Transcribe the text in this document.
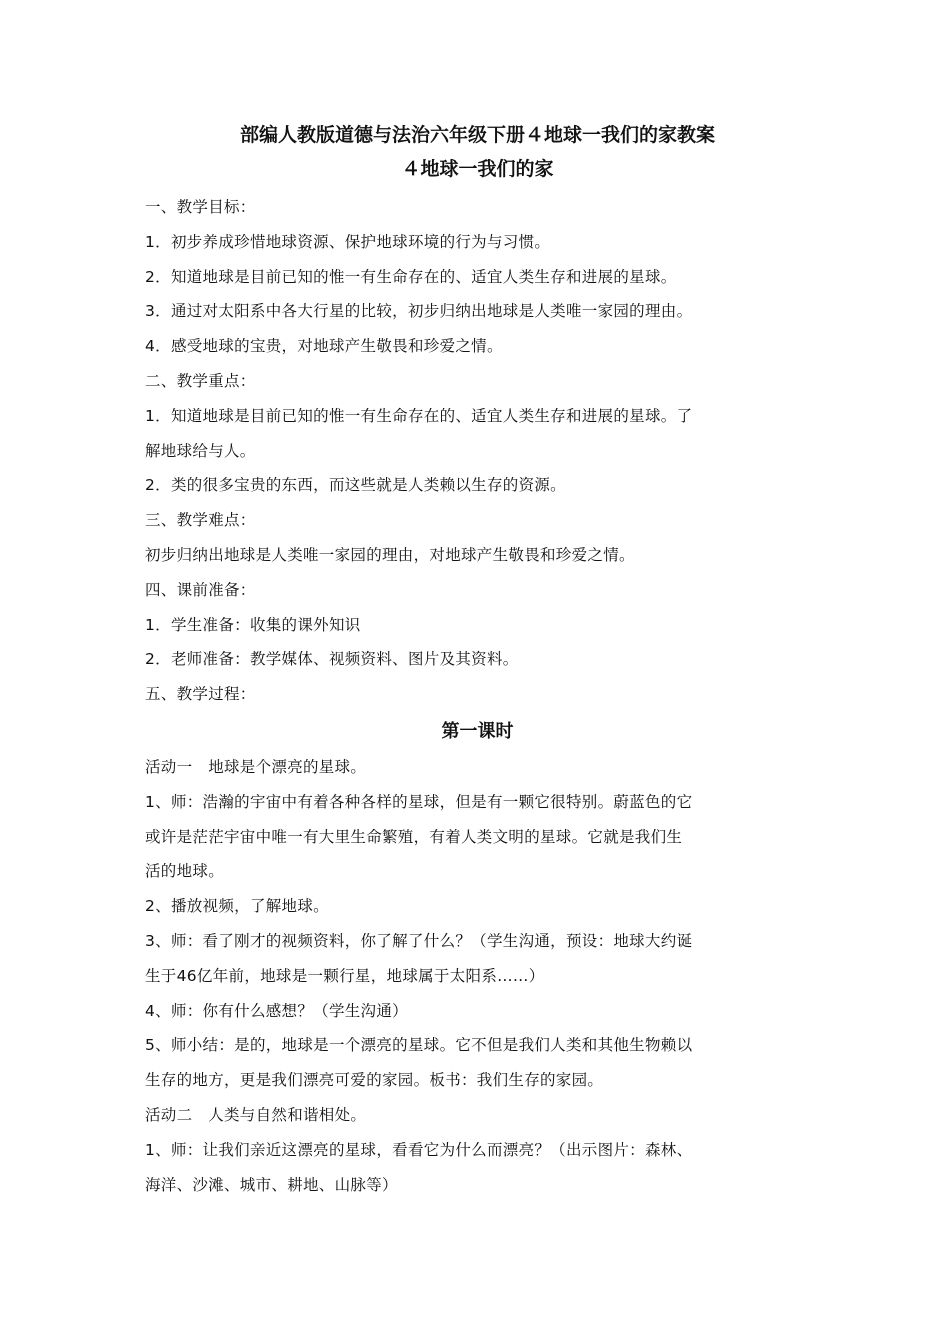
部编人教版道德与法治六年级下册４地球一我们的家教案
４地球一我们的家

一、教学目标：

1．初步养成珍惜地球资源、保护地球环境的行为与习惯。

2．知道地球是目前已知的惟一有生命存在的、适宜人类生存和进展的星球。

3．通过对太阳系中各大行星的比较，初步归纳出地球是人类唯一家园的理由。

4．感受地球的宝贵，对地球产生敬畏和珍爱之情。

二、教学重点：

1．知道地球是目前已知的惟一有生命存在的、适宜人类生存和进展的星球。了

解地球给与人。

2．类的很多宝贵的东西，而这些就是人类赖以生存的资源。

三、教学难点：

初步归纳出地球是人类唯一家园的理由，对地球产生敬畏和珍爱之情。

四、课前准备：

1．学生准备：收集的课外知识

2．老师准备：教学媒体、视频资料、图片及其资料。

五、教学过程：

第一课时

活动一　地球是个漂亮的星球。

1、师：浩瀚的宇宙中有着各种各样的星球，但是有一颗它很特别。蔚蓝色的它

或许是茫茫宇宙中唯一有大里生命繁殖，有着人类文明的星球。它就是我们生

活的地球。

2、播放视频，了解地球。

3、师：看了刚才的视频资料，你了解了什么？（学生沟通，预设：地球大约诞

生于46亿年前，地球是一颗行星，地球属于太阳系……）

4、师：你有什么感想？（学生沟通）

5、师小结：是的，地球是一个漂亮的星球。它不但是我们人类和其他生物赖以

生存的地方，更是我们漂亮可爱的家园。板书：我们生存的家园。

活动二　人类与自然和谐相处。

1、师：让我们亲近这漂亮的星球，看看它为什么而漂亮？（出示图片：森林、

海洋、沙滩、城市、耕地、山脉等）
